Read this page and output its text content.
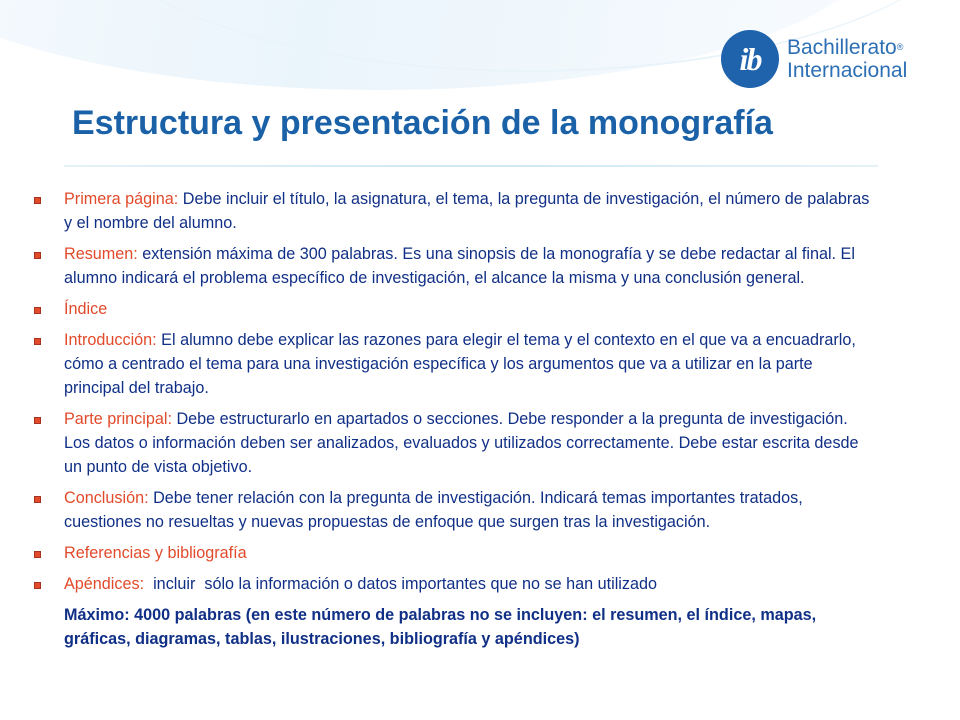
ib Bachillerato®
Internacional
Estructura y presentación de la monografía
Primera página: Debe incluir el título, la asignatura, el tema, la pregunta de investigación, el número de palabras y el nombre del alumno.
Resumen: extensión máxima de 300 palabras. Es una sinopsis de la monografía y se debe redactar al final. El alumno indicará el problema específico de investigación, el alcance la misma y una conclusión general.
Índice
Introducción: El alumno debe explicar las razones para elegir el tema y el contexto en el que va a encuadrarlo, cómo a centrado el tema para una investigación específica y los argumentos que va a utilizar en la parte principal del trabajo.
Parte principal: Debe estructurarlo en apartados o secciones. Debe responder a la pregunta de investigación. Los datos o información deben ser analizados, evaluados y utilizados correctamente. Debe estar escrita desde un punto de vista objetivo.
Conclusión: Debe tener relación con la pregunta de investigación. Indicará temas importantes tratados, cuestiones no resueltas y nuevas propuestas de enfoque que surgen tras la investigación.
Referencias y bibliografía
Apéndices:  incluir  sólo la información o datos importantes que no se han utilizado
Máximo: 4000 palabras (en este número de palabras no se incluyen: el resumen, el índice, mapas, gráficas, diagramas, tablas, ilustraciones, bibliografía y apéndices)
